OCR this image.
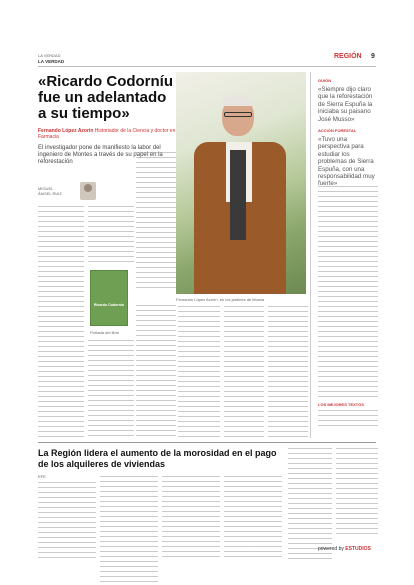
LA VERDAD
LA VERDAD
REGIÓN 9
«Ricardo Codorníu fue un adelantado a su tiempo»
Fernando López Azorín Historiador de la Ciencia y doctor en Farmacia
El investigador pone de manifiesto la labor del ingeniero de Montes a través de su papel en la reforestación
MIGUEL
ÁNGEL RUIZ
Ricardo Codorníu
Portada del libro
Fernando López Azorín, en los jardines de Murcia
GUIÓN
«Siempre dijo claro que la reforestación de Sierra Espuña la iniciaba su paisano José Musso»
ACCIÓN FORESTAL
«Tuvo una perspectiva para estudiar los problemas de Sierra Espuña, con una responsabilidad muy fuerte»
LOS MEJORES TEXTOS
La Región lidera el aumento de la morosidad en el pago de los alquileres de viviendas
EFE
powered by ESTUDIOS
